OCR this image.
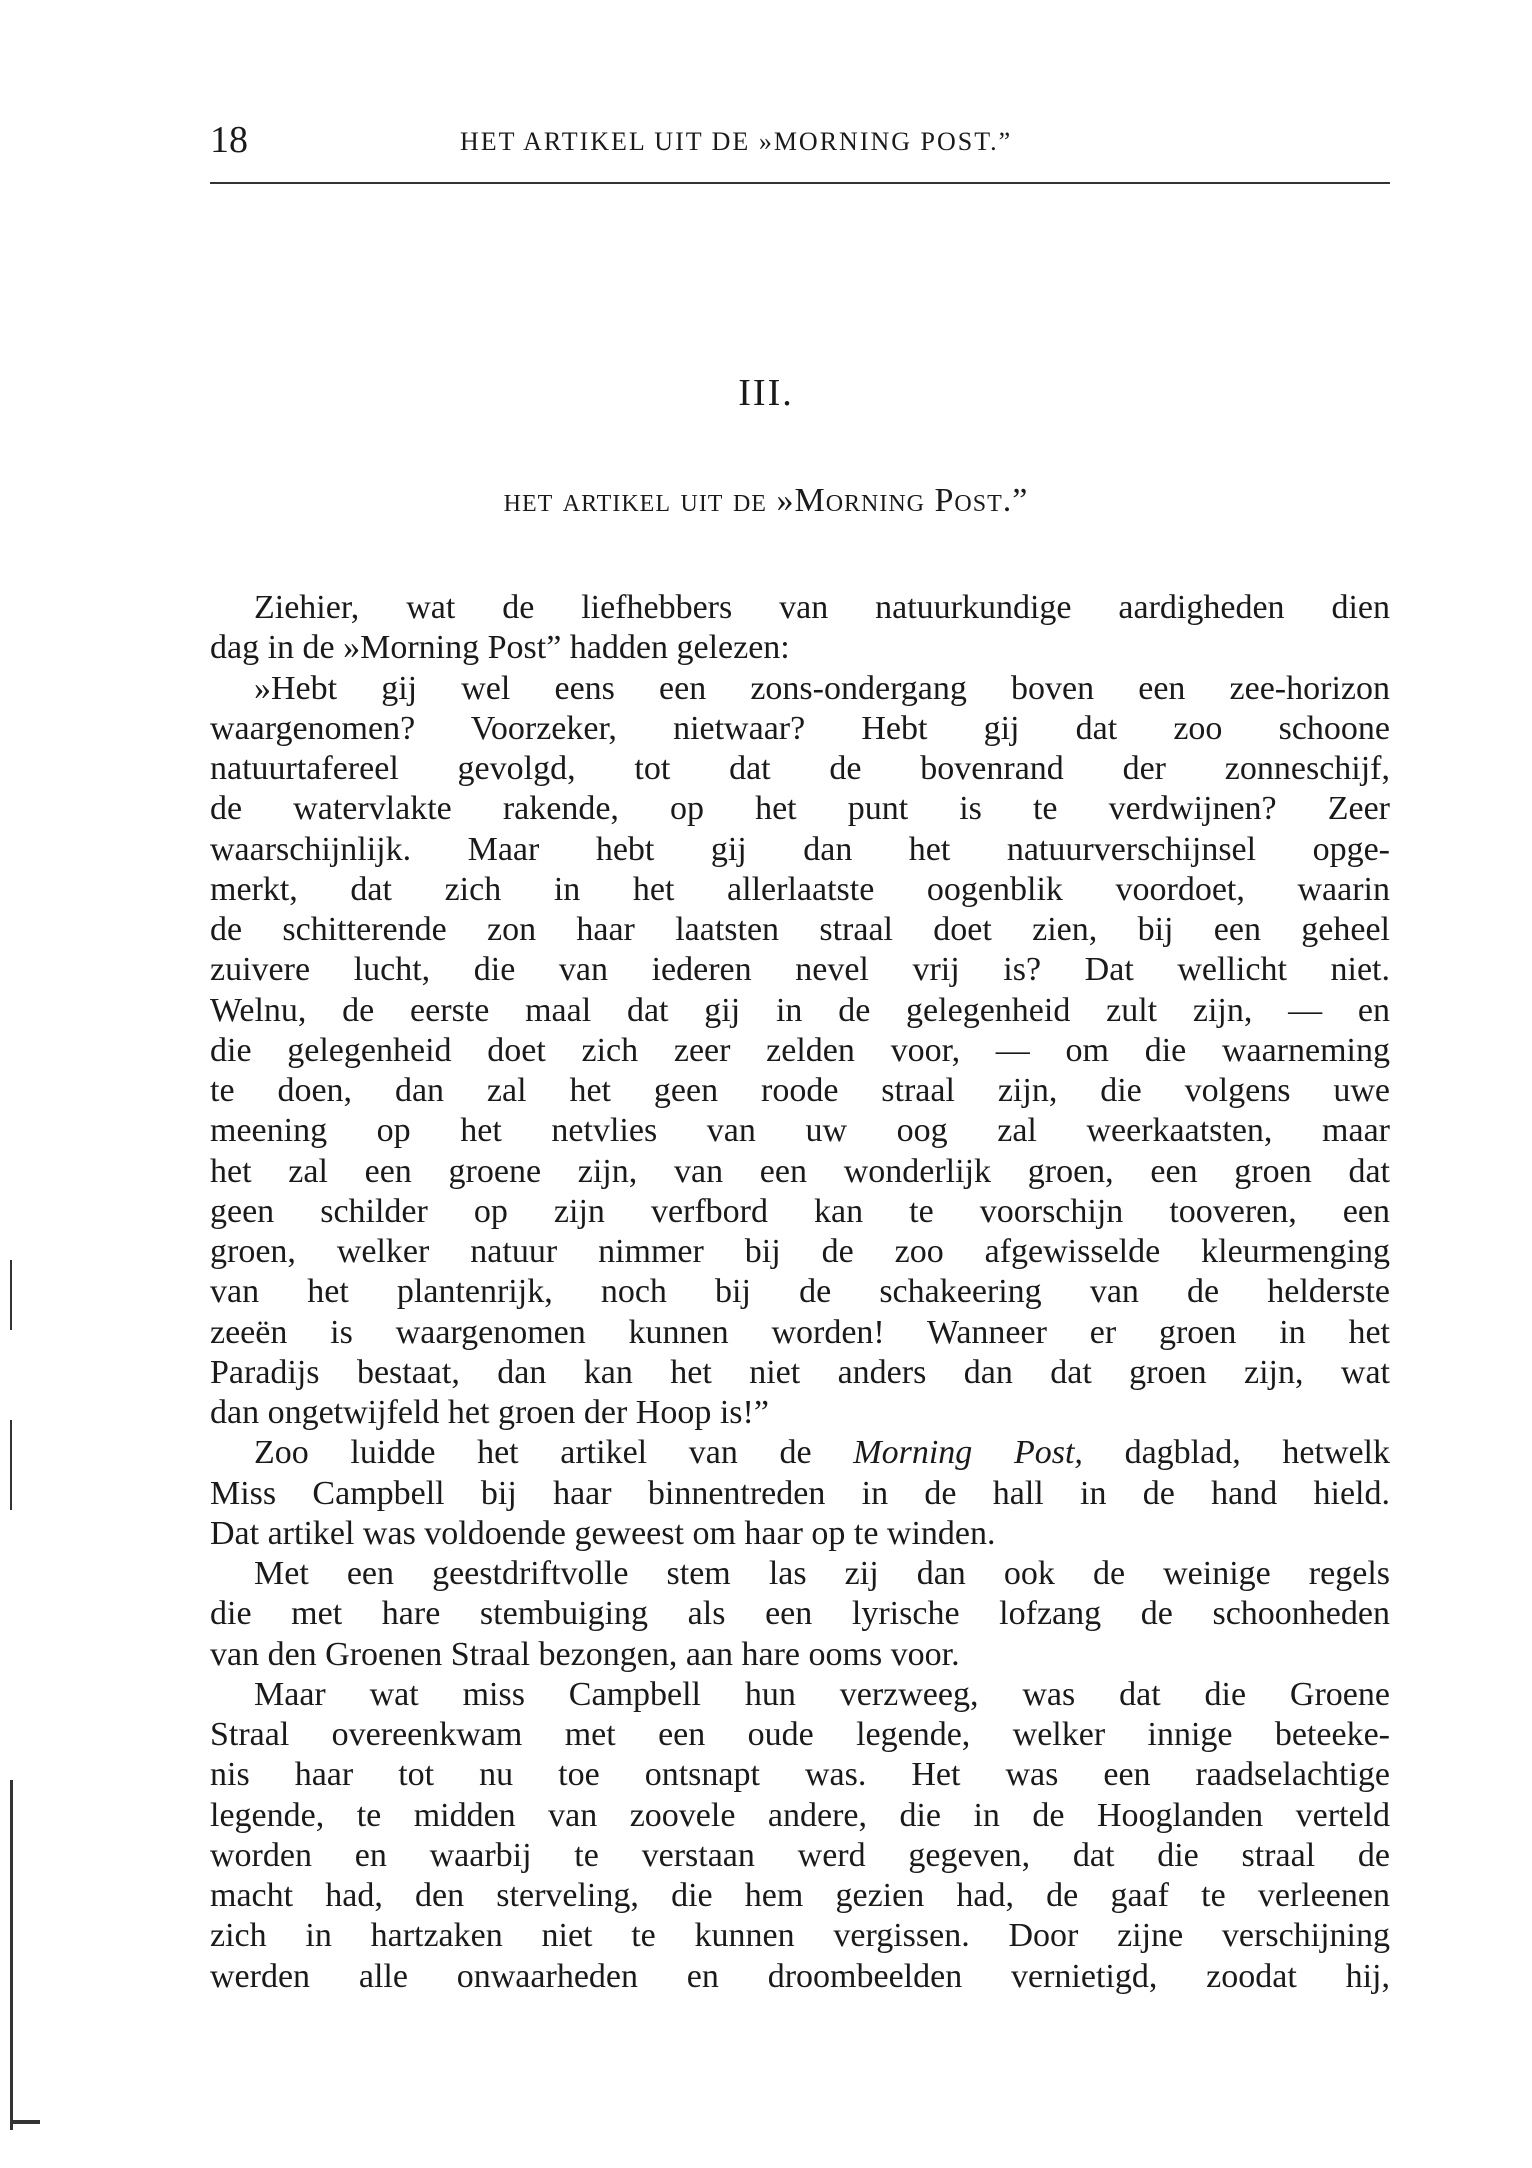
18	HET ARTIKEL UIT DE »MORNING POST.”
III.
het artikel uit de »Morning Post.”
Ziehier, wat de liefhebbers van natuurkundige aardigheden dien
dag in de »Morning Post” hadden gelezen:
»Hebt gij wel eens een zons-ondergang boven een zee-horizon
waargenomen? Voorzeker, nietwaar? Hebt gij dat zoo schoone
natuurtafereel gevolgd, tot dat de bovenrand der zonneschijf,
de watervlakte rakende, op het punt is te verdwijnen? Zeer
waarschijnlijk. Maar hebt gij dan het natuurverschijnsel opge-
merkt, dat zich in het allerlaatste oogenblik voordoet, waarin
de schitterende zon haar laatsten straal doet zien, bij een geheel
zuivere lucht, die van iederen nevel vrij is? Dat wellicht niet.
Welnu, de eerste maal dat gij in de gelegenheid zult zijn, — en
die gelegenheid doet zich zeer zelden voor, — om die waarneming
te doen, dan zal het geen roode straal zijn, die volgens uwe
meening op het netvlies van uw oog zal weerkaatsten, maar
het zal een groene zijn, van een wonderlijk groen, een groen dat
geen schilder op zijn verfbord kan te voorschijn tooveren, een
groen, welker natuur nimmer bij de zoo afgewisselde kleurmenging
van het plantenrijk, noch bij de schakeering van de helderste
zeeën is waargenomen kunnen worden! Wanneer er groen in het
Paradijs bestaat, dan kan het niet anders dan dat groen zijn, wat
dan ongetwijfeld het groen der Hoop is!”
Zoo luidde het artikel van de Morning Post, dagblad, hetwelk
Miss Campbell bij haar binnentreden in de hall in de hand hield.
Dat artikel was voldoende geweest om haar op te winden.
Met een geestdriftvolle stem las zij dan ook de weinige regels
die met hare stembuiging als een lyrische lofzang de schoonheden
van den Groenen Straal bezongen, aan hare ooms voor.
Maar wat miss Campbell hun verzweeg, was dat die Groene
Straal overeenkwam met een oude legende, welker innige beteeke-
nis haar tot nu toe ontsnapt was. Het was een raadselachtige
legende, te midden van zoovele andere, die in de Hooglanden verteld
worden en waarbij te verstaan werd gegeven, dat die straal de
macht had, den sterveling, die hem gezien had, de gaaf te verleenen
zich in hartzaken niet te kunnen vergissen. Door zijne verschijning
werden alle onwaarheden en droombeelden vernietigd, zoodat hij,
